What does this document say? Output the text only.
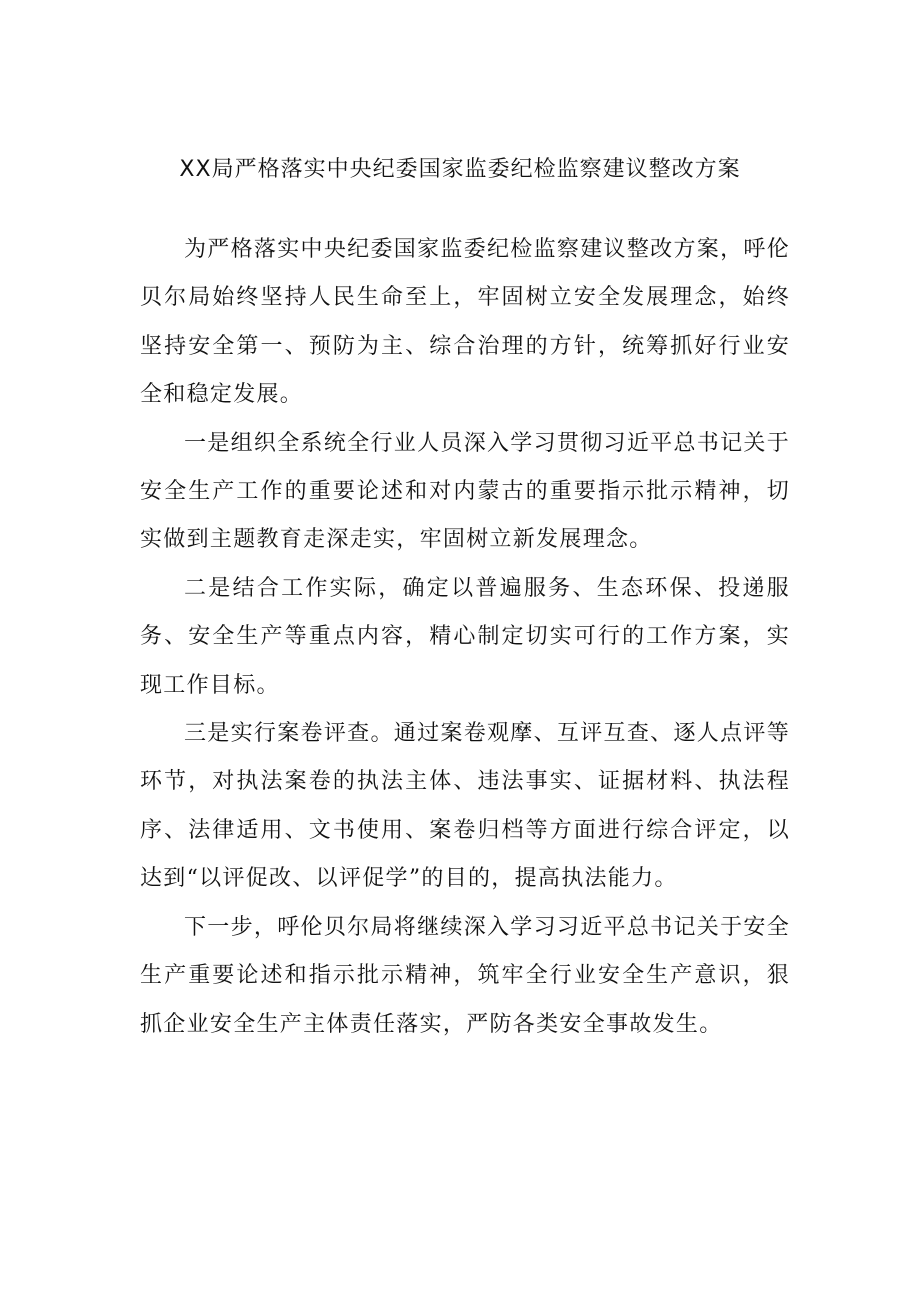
XX局严格落实中央纪委国家监委纪检监察建议整改方案

为严格落实中央纪委国家监委纪检监察建议整改方案，呼伦贝尔局始终坚持人民生命至上，牢固树立安全发展理念，始终坚持安全第一、预防为主、综合治理的方针，统筹抓好行业安全和稳定发展。

一是组织全系统全行业人员深入学习贯彻习近平总书记关于安全生产工作的重要论述和对内蒙古的重要指示批示精神，切实做到主题教育走深走实，牢固树立新发展理念。

二是结合工作实际，确定以普遍服务、生态环保、投递服务、安全生产等重点内容，精心制定切实可行的工作方案，实现工作目标。

三是实行案卷评查。通过案卷观摩、互评互查、逐人点评等环节，对执法案卷的执法主体、违法事实、证据材料、执法程序、法律适用、文书使用、案卷归档等方面进行综合评定，以达到“以评促改、以评促学”的目的，提高执法能力。

下一步，呼伦贝尔局将继续深入学习习近平总书记关于安全生产重要论述和指示批示精神，筑牢全行业安全生产意识，狠抓企业安全生产主体责任落实，严防各类安全事故发生。
